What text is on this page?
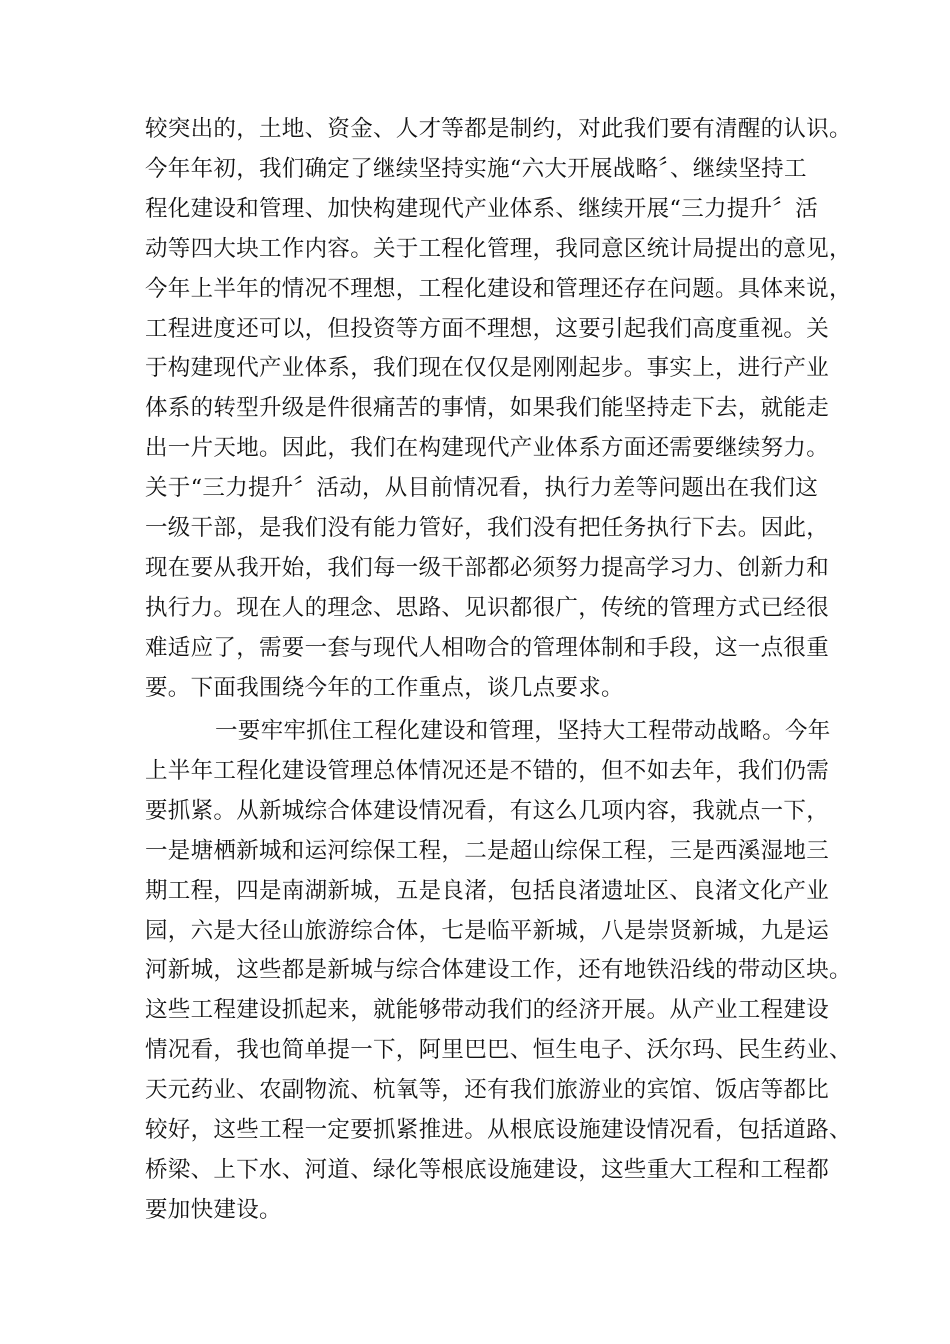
较突出的，土地、资金、人才等都是制约，对此我们要有清醒的认识。
今年年初，我们确定了继续坚持实施“六大开展战略〞、继续坚持工
程化建设和管理、加快构建现代产业体系、继续开展“三力提升〞活
动等四大块工作内容。关于工程化管理，我同意区统计局提出的意见，
今年上半年的情况不理想，工程化建设和管理还存在问题。具体来说，
工程进度还可以，但投资等方面不理想，这要引起我们高度重视。关
于构建现代产业体系，我们现在仅仅是刚刚起步。事实上，进行产业
体系的转型升级是件很痛苦的事情，如果我们能坚持走下去，就能走
出一片天地。因此，我们在构建现代产业体系方面还需要继续努力。
关于“三力提升〞活动，从目前情况看，执行力差等问题出在我们这
一级干部，是我们没有能力管好，我们没有把任务执行下去。因此，
现在要从我开始，我们每一级干部都必须努力提高学习力、创新力和
执行力。现在人的理念、思路、见识都很广，传统的管理方式已经很
难适应了，需要一套与现代人相吻合的管理体制和手段，这一点很重
要。下面我围绕今年的工作重点，谈几点要求。
一要牢牢抓住工程化建设和管理，坚持大工程带动战略。今年
上半年工程化建设管理总体情况还是不错的，但不如去年，我们仍需
要抓紧。从新城综合体建设情况看，有这么几项内容，我就点一下，
一是塘栖新城和运河综保工程，二是超山综保工程，三是西溪湿地三
期工程，四是南湖新城，五是良渚，包括良渚遗址区、良渚文化产业
园，六是大径山旅游综合体，七是临平新城，八是崇贤新城，九是运
河新城，这些都是新城与综合体建设工作，还有地铁沿线的带动区块。
这些工程建设抓起来，就能够带动我们的经济开展。从产业工程建设
情况看，我也简单提一下，阿里巴巴、恒生电子、沃尔玛、民生药业、
天元药业、农副物流、杭氧等，还有我们旅游业的宾馆、饭店等都比
较好，这些工程一定要抓紧推进。从根底设施建设情况看，包括道路、
桥梁、上下水、河道、绿化等根底设施建设，这些重大工程和工程都
要加快建设。
